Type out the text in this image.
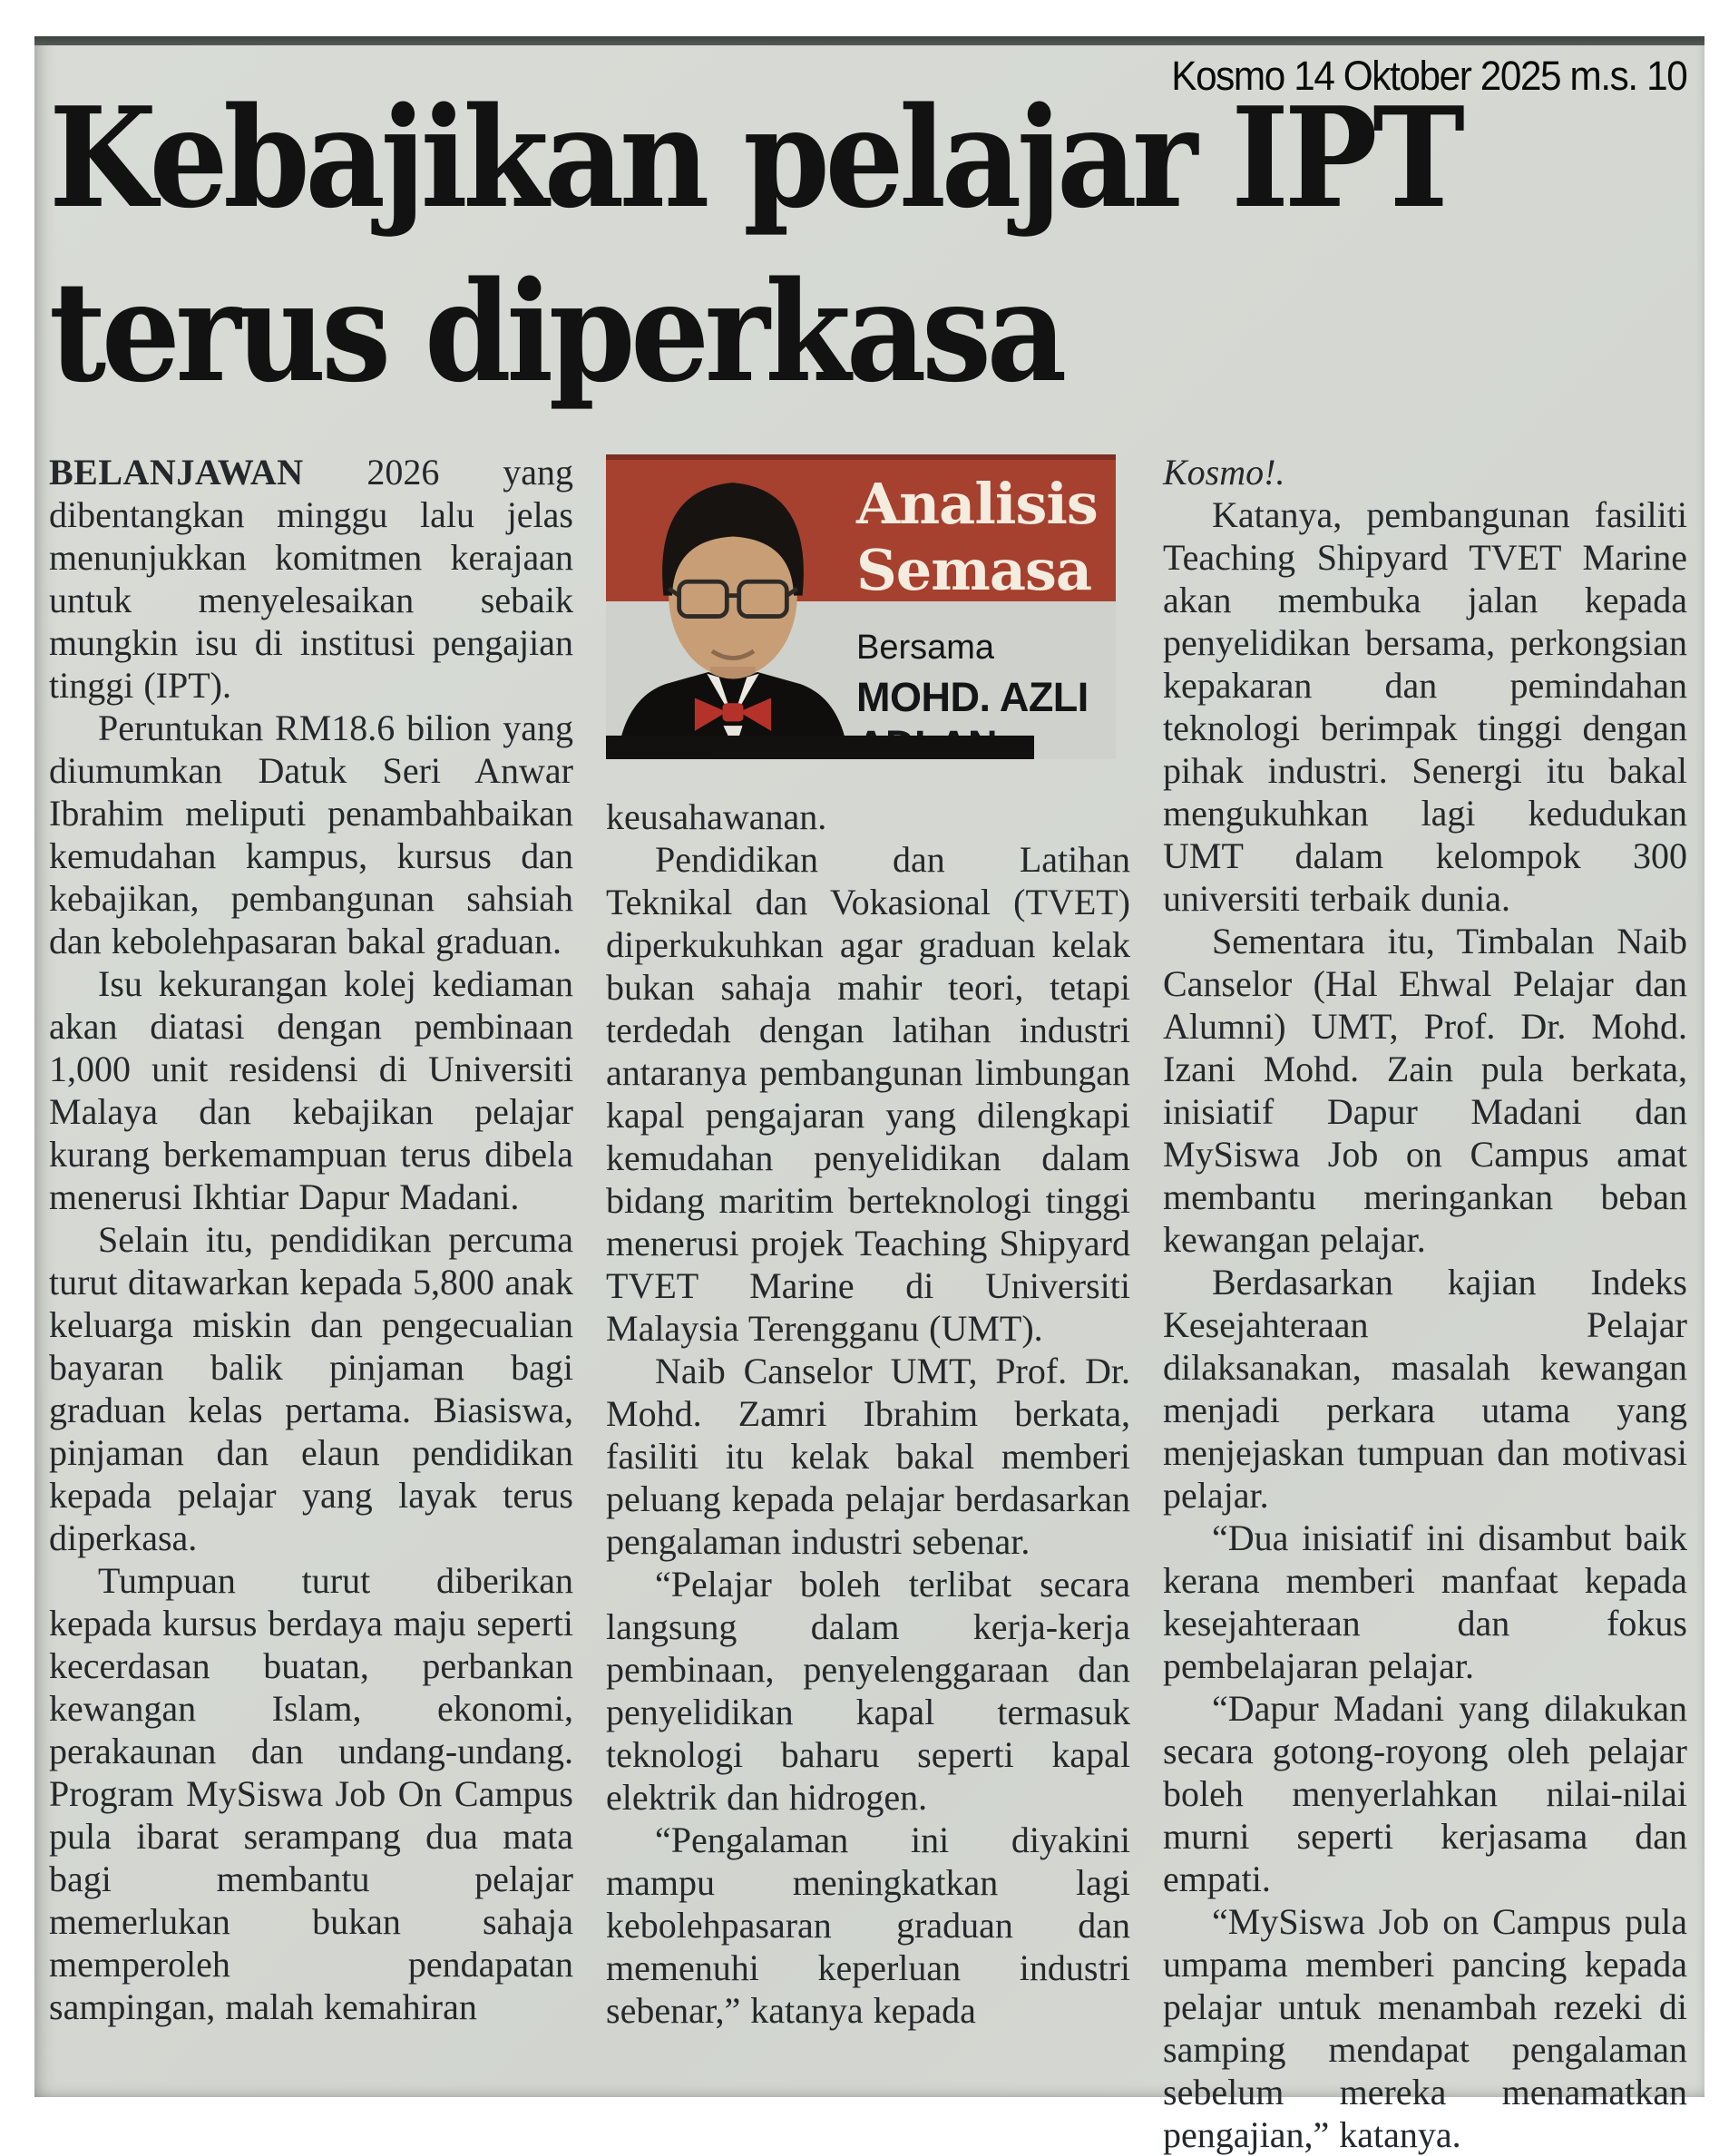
Kosmo 14 Oktober 2025 m.s. 10
Kebajikan pelajar IPT
terus diperkasa

BELANJAWAN 2026 yang dibentangkan minggu lalu jelas menunjukkan komitmen kerajaan untuk menyelesaikan sebaik mungkin isu di institusi pengajian tinggi (IPT).

Peruntukan RM18.6 bilion yang diumumkan Datuk Seri Anwar Ibrahim meliputi penambahbaikan kemudahan kampus, kursus dan kebajikan, pembangunan sahsiah dan kebolehpasaran bakal graduan.

Isu kekurangan kolej kediaman akan diatasi dengan pembinaan 1,000 unit residensi di Universiti Malaya dan kebajikan pelajar kurang berkemampuan terus dibela menerusi Ikhtiar Dapur Madani.

Selain itu, pendidikan percuma turut ditawarkan kepada 5,800 anak keluarga miskin dan pengecualian bayaran balik pinjaman bagi graduan kelas pertama. Biasiswa, pinjaman dan elaun pendidikan kepada pelajar yang layak terus diperkasa.

Tumpuan turut diberikan kepada kursus berdaya maju seperti kecerdasan buatan, perbankan kewangan Islam, ekonomi, perakaunan dan undang-undang. Program MySiswa Job On Campus pula ibarat serampang dua mata bagi membantu pelajar memerlukan bukan sahaja memperoleh pendapatan sampingan, malah kemahiran

Analisis
Semasa
Bersama
MOHD. AZLI

keusahawanan.

Pendidikan dan Latihan Teknikal dan Vokasional (TVET) diperkukuhkan agar graduan kelak bukan sahaja mahir teori, tetapi terdedah dengan latihan industri antaranya pembangunan limbungan kapal pengajaran yang dilengkapi kemudahan penyelidikan dalam bidang maritim berteknologi tinggi menerusi projek Teaching Shipyard TVET Marine di Universiti Malaysia Terengganu (UMT).

Naib Canselor UMT, Prof. Dr. Mohd. Zamri Ibrahim berkata, fasiliti itu kelak bakal memberi peluang kepada pelajar berdasarkan pengalaman industri sebenar.

“Pelajar boleh terlibat secara langsung dalam kerja-kerja pembinaan, penyelenggaraan dan penyelidikan kapal termasuk teknologi baharu seperti kapal elektrik dan hidrogen.

“Pengalaman ini diyakini mampu meningkatkan lagi kebolehpasaran graduan dan memenuhi keperluan industri sebenar,” katanya kepada

Kosmo!.

Katanya, pembangunan fasiliti Teaching Shipyard TVET Marine akan membuka jalan kepada penyelidikan bersama, perkongsian kepakaran dan pemindahan teknologi berimpak tinggi dengan pihak industri. Senergi itu bakal mengukuhkan lagi kedudukan UMT dalam kelompok 300 universiti terbaik dunia.

Sementara itu, Timbalan Naib Canselor (Hal Ehwal Pelajar dan Alumni) UMT, Prof. Dr. Mohd. Izani Mohd. Zain pula berkata, inisiatif Dapur Madani dan MySiswa Job on Campus amat membantu meringankan beban kewangan pelajar.

Berdasarkan kajian Indeks Kesejahteraan Pelajar dilaksanakan, masalah kewangan menjadi perkara utama yang menjejaskan tumpuan dan motivasi pelajar.

“Dua inisiatif ini disambut baik kerana memberi manfaat kepada kesejahteraan dan fokus pembelajaran pelajar.

“Dapur Madani yang dilakukan secara gotong-royong oleh pelajar boleh menyerlahkan nilai-nilai murni seperti kerjasama dan empati.

“MySiswa Job on Campus pula umpama memberi pancing kepada pelajar untuk menambah rezeki di samping mendapat pengalaman sebelum mereka menamatkan pengajian,” katanya.
